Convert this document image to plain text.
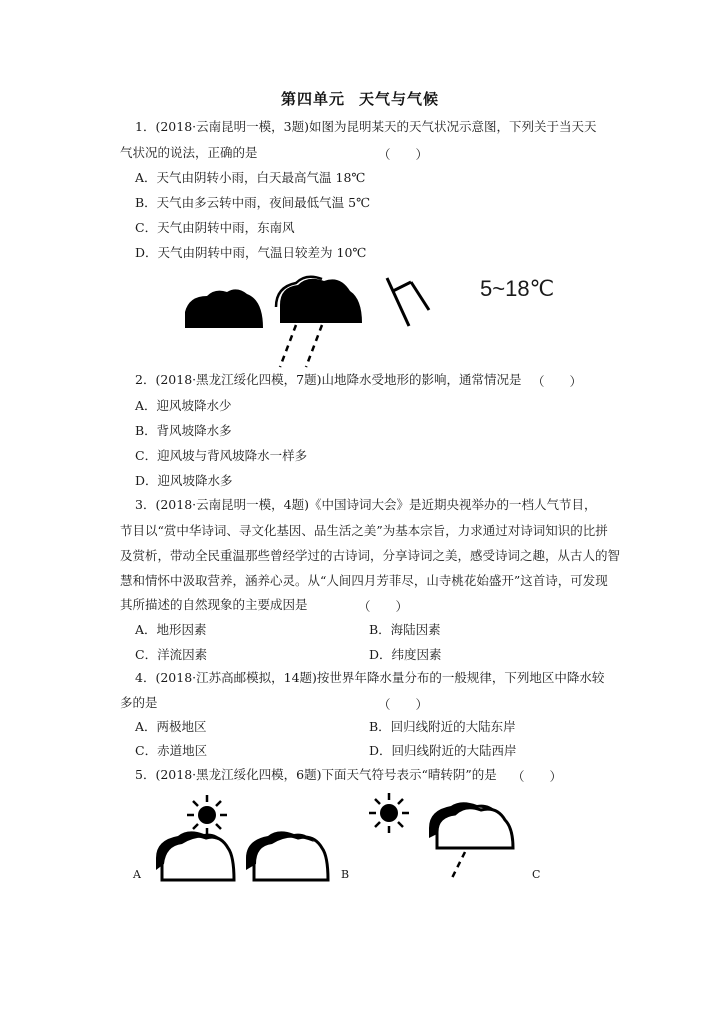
第四单元 天气与气候
1．(2018·云南昆明一模，3题)如图为昆明某天的天气状况示意图，下列关于当天天
气状况的说法，正确的是	（　　）
A．天气由阴转小雨，白天最高气温 18℃
B．天气由多云转中雨，夜间最低气温 5℃
C．天气由阴转中雨，东南风
D．天气由阴转中雨，气温日较差为 10℃
5~18℃
2．(2018·黑龙江绥化四模，7题)山地降水受地形的影响，通常情况是 （　　）
A．迎风坡降水少
B．背风坡降水多
C．迎风坡与背风坡降水一样多
D．迎风坡降水多
3．(2018·云南昆明一模，4题)《中国诗词大会》是近期央视举办的一档人气节目，
节目以“赏中华诗词、寻文化基因、品生活之美”为基本宗旨，力求通过对诗词知识的比拼
及赏析，带动全民重温那些曾经学过的古诗词，分享诗词之美，感受诗词之趣，从古人的智
慧和情怀中汲取营养，涵养心灵。从“人间四月芳菲尽，山寺桃花始盛开”这首诗，可发现
其所描述的自然现象的主要成因是	（　　）
A．地形因素	B．海陆因素
C．洋流因素	D．纬度因素
4．(2018·江苏高邮模拟，14题)按世界年降水量分布的一般规律，下列地区中降水较
多的是	（　　）
A．两极地区	B．回归线附近的大陆东岸
C．赤道地区	D．回归线附近的大陆西岸
5．(2018·黑龙江绥化四模，6题)下面天气符号表示“晴转阴”的是 （　　）
A	B	C
